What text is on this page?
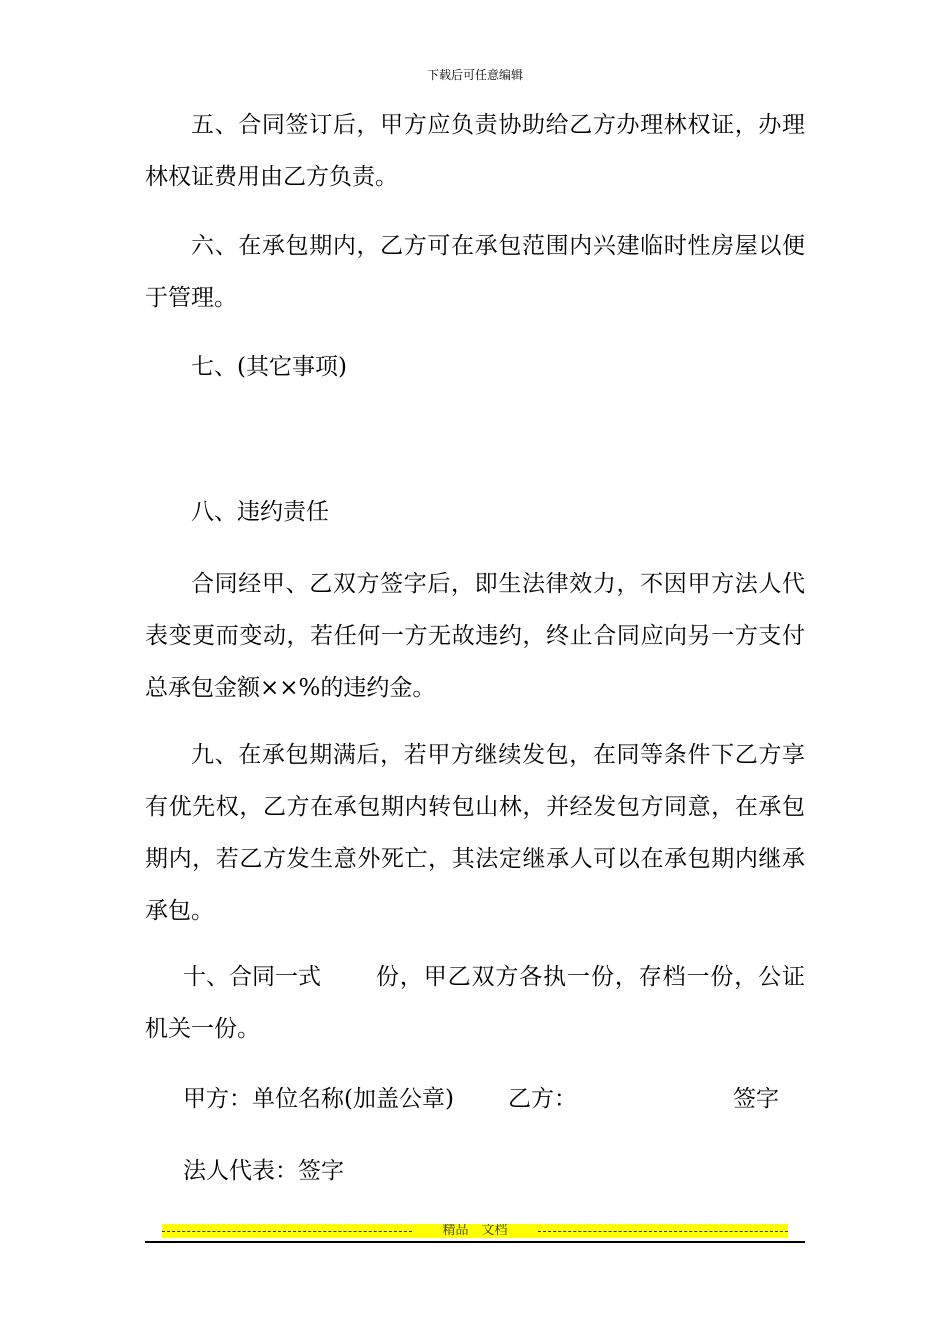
下载后可任意编辑

五、合同签订后，甲方应负责协助给乙方办理林权证，办理林权证费用由乙方负责。

六、在承包期内，乙方可在承包范围内兴建临时性房屋以便于管理。

七、(其它事项)

八、违约责任

合同经甲、乙双方签字后，即生法律效力，不因甲方法人代表变更而变动，若任何一方无故违约，终止合同应向另一方支付总承包金额××%的违约金。

九、在承包期满后，若甲方继续发包，在同等条件下乙方享有优先权，乙方在承包期内转包山林，并经发包方同意，在承包期内，若乙方发生意外死亡，其法定继承人可以在承包期内继承承包。

十、合同一式	份，甲乙双方各执一份，存档一份，公证机关一份。

甲方：单位名称(加盖公章) 乙方：	签字
法人代表：签字
精品　文档
